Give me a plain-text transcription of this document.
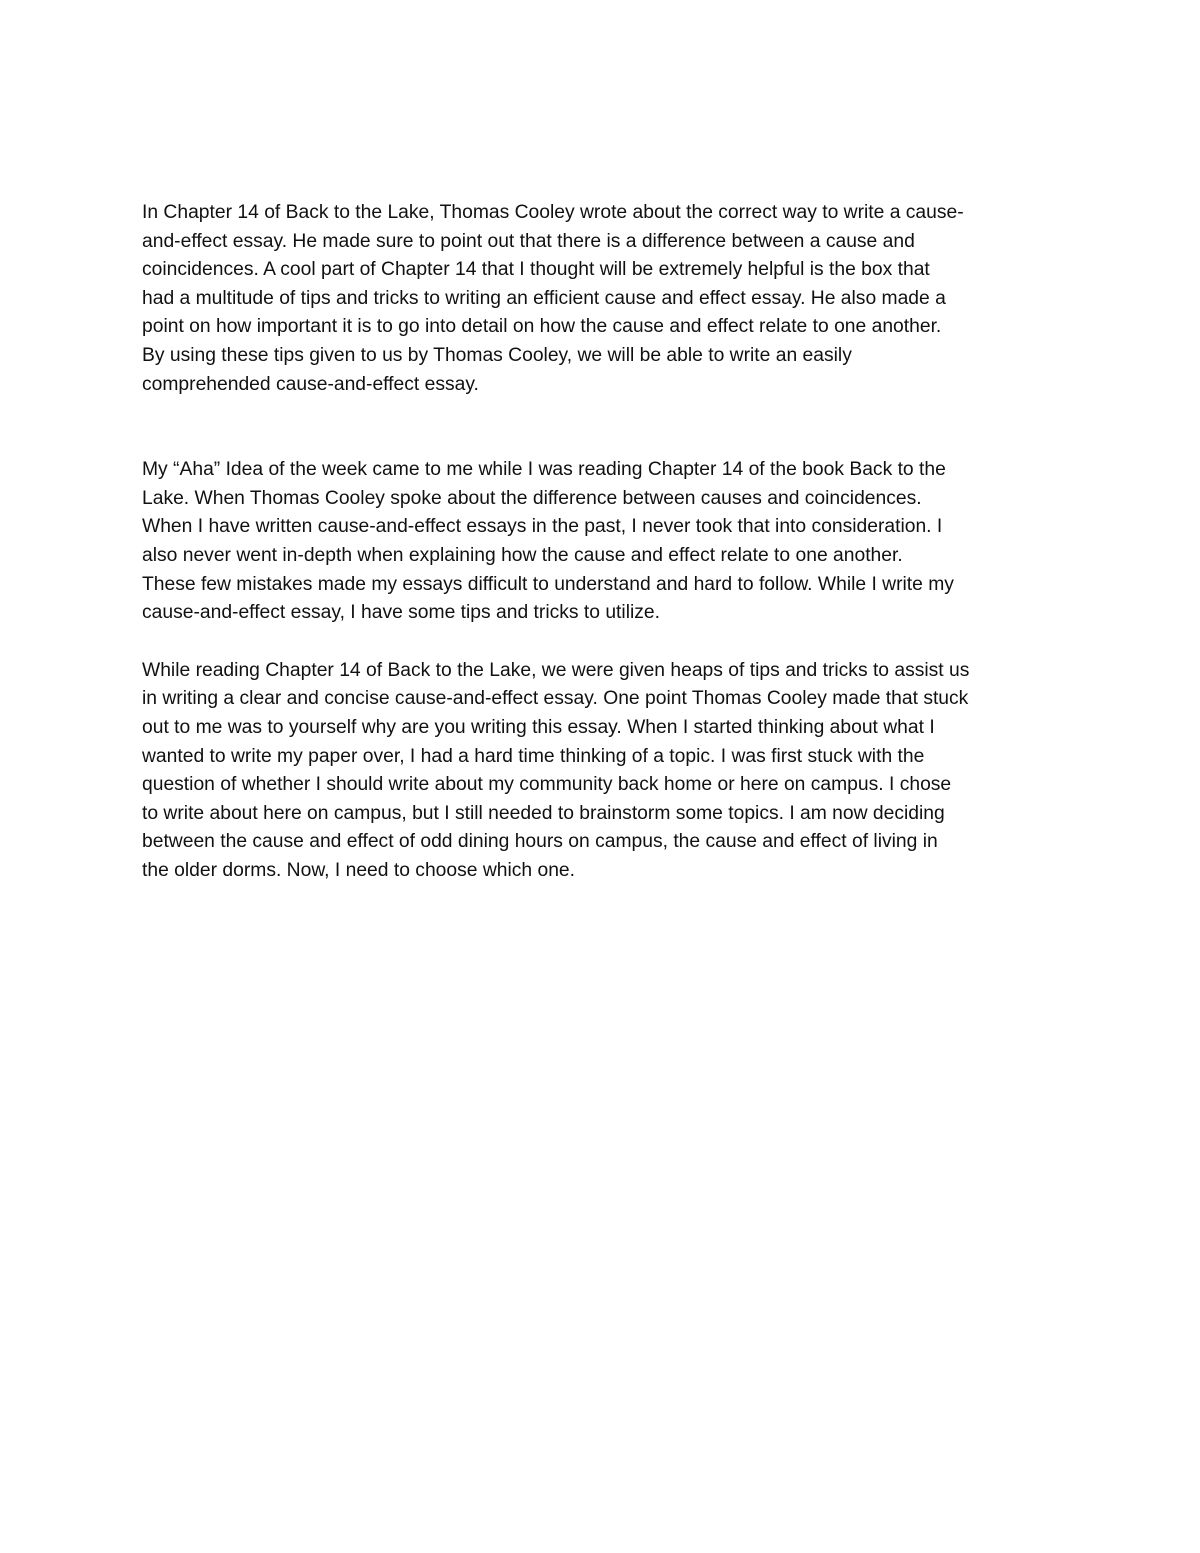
In Chapter 14 of Back to the Lake, Thomas Cooley wrote about the correct way to write a cause-
and-effect essay. He made sure to point out that there is a difference between a cause and
coincidences. A cool part of Chapter 14 that I thought will be extremely helpful is the box that
had a multitude of tips and tricks to writing an efficient cause and effect essay. He also made a
point on how important it is to go into detail on how the cause and effect relate to one another.
By using these tips given to us by Thomas Cooley, we will be able to write an easily
comprehended cause-and-effect essay.
My “Aha” Idea of the week came to me while I was reading Chapter 14 of the book Back to the
Lake. When Thomas Cooley spoke about the difference between causes and coincidences.
When I have written cause-and-effect essays in the past, I never took that into consideration. I
also never went in-depth when explaining how the cause and effect relate to one another.
These few mistakes made my essays difficult to understand and hard to follow. While I write my
cause-and-effect essay, I have some tips and tricks to utilize.
While reading Chapter 14 of Back to the Lake, we were given heaps of tips and tricks to assist us
in writing a clear and concise cause-and-effect essay. One point Thomas Cooley made that stuck
out to me was to yourself why are you writing this essay. When I started thinking about what I
wanted to write my paper over, I had a hard time thinking of a topic. I was first stuck with the
question of whether I should write about my community back home or here on campus. I chose
to write about here on campus, but I still needed to brainstorm some topics. I am now deciding
between the cause and effect of odd dining hours on campus, the cause and effect of living in
the older dorms. Now, I need to choose which one.
